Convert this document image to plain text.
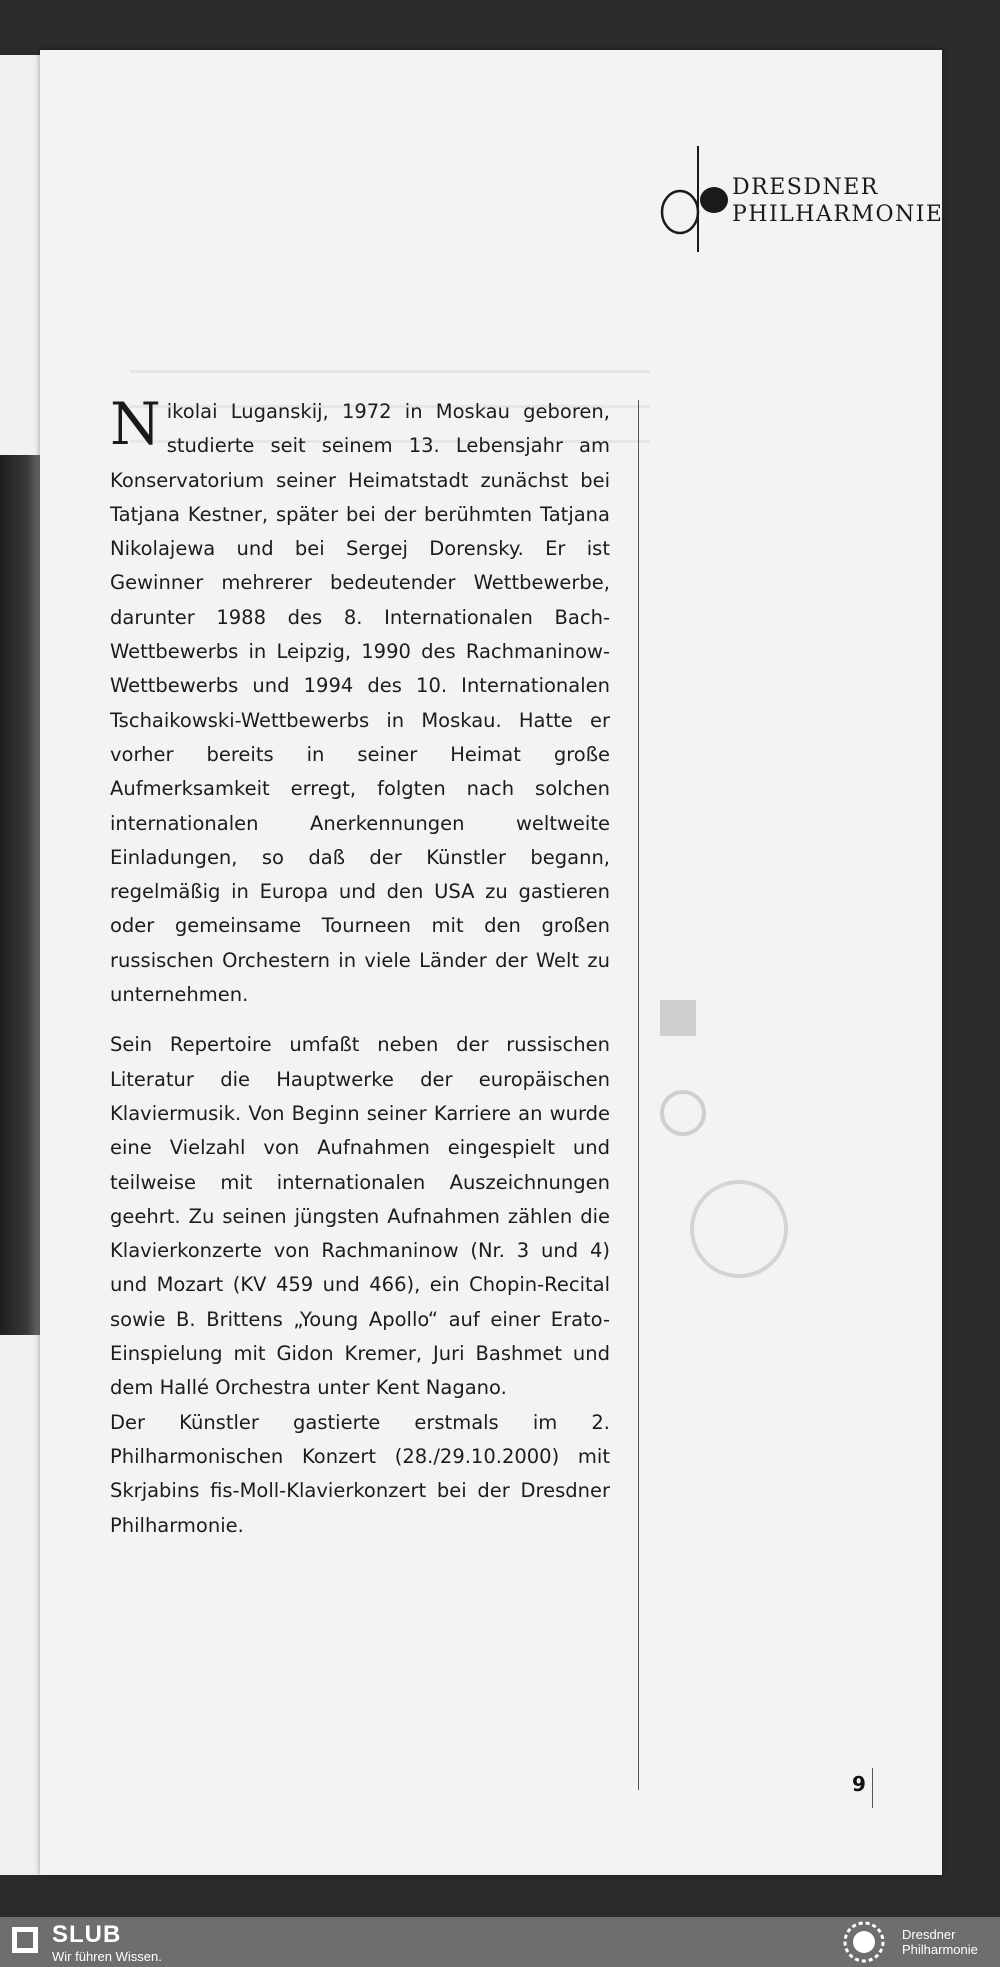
DRESDNER
PHILHARMONIE

Nikolai Luganskij, 1972 in Moskau geboren, studierte seit seinem 13. Lebensjahr am Konservatorium seiner Heimatstadt zunächst bei Tatjana Kestner, später bei der berühmten Tatjana Nikolajewa und bei Sergej Dorensky. Er ist Gewinner mehrerer bedeutender Wettbewerbe, darunter 1988 des 8. Internationalen Bach-Wettbewerbs in Leipzig, 1990 des Rachmaninow-Wettbewerbs und 1994 des 10. Internationalen Tschaikowski-Wettbewerbs in Moskau. Hatte er vorher bereits in seiner Heimat große Aufmerksamkeit erregt, folgten nach solchen internationalen Anerkennungen weltweite Einladungen, so daß der Künstler begann, regelmäßig in Europa und den USA zu gastieren oder gemeinsame Tourneen mit den großen russischen Orchestern in viele Länder der Welt zu unternehmen.

Sein Repertoire umfaßt neben der russischen Literatur die Hauptwerke der europäischen Klaviermusik. Von Beginn seiner Karriere an wurde eine Vielzahl von Aufnahmen eingespielt und teilweise mit internationalen Auszeichnungen geehrt. Zu seinen jüngsten Aufnahmen zählen die Klavierkonzerte von Rachmaninow (Nr. 3 und 4) und Mozart (KV 459 und 466), ein Chopin-Recital sowie B. Brittens „Young Apollo“ auf einer Erato-Einspielung mit Gidon Kremer, Juri Bashmet und dem Hallé Orchestra unter Kent Nagano.

Der Künstler gastierte erstmals im 2. Philharmonischen Konzert (28./29.10.2000) mit Skrjabins fis-Moll-Klavierkonzert bei der Dresdner Philharmonie.

9
SLUB
Wir führen Wissen.
Dresdner
Philharmonie
